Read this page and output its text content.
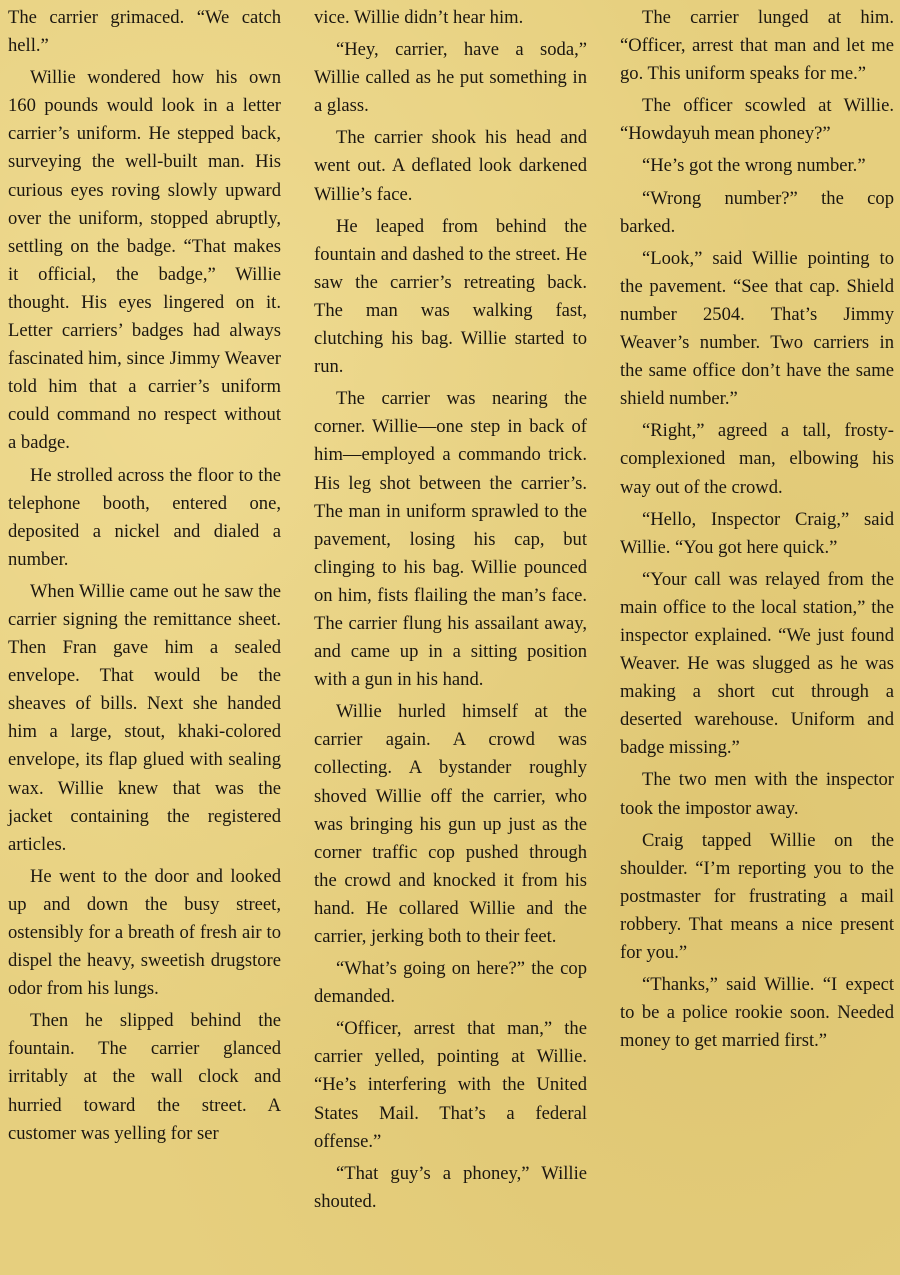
The carrier grimaced. “We catch hell.”

Willie wondered how his own 160 pounds would look in a letter carrier’s uniform. He stepped back, surveying the well-built man. His curious eyes roving slowly upward over the uniform, stopped abruptly, settling on the badge. “That makes it official, the badge,” Willie thought. His eyes lingered on it. Letter carriers’ badges had always fascinated him, since Jimmy Weaver told him that a carrier’s uniform could command no respect without a badge.

He strolled across the floor to the telephone booth, entered one, deposited a nickel and dialed a number.

When Willie came out he saw the carrier signing the remittance sheet. Then Fran gave him a sealed envelope. That would be the sheaves of bills. Next she handed him a large, stout, khaki-colored envelope, its flap glued with sealing wax. Willie knew that was the jacket containing the registered articles.

He went to the door and looked up and down the busy street, ostensibly for a breath of fresh air to dispel the heavy, sweetish drugstore odor from his lungs.

Then he slipped behind the fountain. The carrier glanced irritably at the wall clock and hurried toward the street. A customer was yelling for ser

vice. Willie didn’t hear him.

“Hey, carrier, have a soda,” Willie called as he put something in a glass.

The carrier shook his head and went out. A deflated look darkened Willie’s face.

He leaped from behind the fountain and dashed to the street. He saw the carrier’s retreating back. The man was walking fast, clutching his bag. Willie started to run.

The carrier was nearing the corner. Willie—one step in back of him—employed a commando trick. His leg shot between the carrier’s. The man in uniform sprawled to the pavement, losing his cap, but clinging to his bag. Willie pounced on him, fists flailing the man’s face. The carrier flung his assailant away, and came up in a sitting position with a gun in his hand.

Willie hurled himself at the carrier again. A crowd was collecting. A bystander roughly shoved Willie off the carrier, who was bringing his gun up just as the corner traffic cop pushed through the crowd and knocked it from his hand. He collared Willie and the carrier, jerking both to their feet.

“What’s going on here?” the cop demanded.

“Officer, arrest that man,” the carrier yelled, pointing at Willie. “He’s interfering with the United States Mail. That’s a federal offense.”

“That guy’s a phoney,” Willie shouted.

The carrier lunged at him. “Officer, arrest that man and let me go. This uniform speaks for me.”

The officer scowled at Willie. “Howdayuh mean phoney?”

“He’s got the wrong number.”

“Wrong number?” the cop barked.

“Look,” said Willie pointing to the pavement. “See that cap. Shield number 2504. That’s Jimmy Weaver’s number. Two carriers in the same office don’t have the same shield number.”

“Right,” agreed a tall, frosty-complexioned man, elbowing his way out of the crowd.

“Hello, Inspector Craig,” said Willie. “You got here quick.”

“Your call was relayed from the main office to the local station,” the inspector explained. “We just found Weaver. He was slugged as he was making a short cut through a deserted warehouse. Uniform and badge missing.”

The two men with the inspector took the impostor away.

Craig tapped Willie on the shoulder. “I’m reporting you to the postmaster for frustrating a mail robbery. That means a nice present for you.”

“Thanks,” said Willie. “I expect to be a police rookie soon. Needed money to get married first.”
